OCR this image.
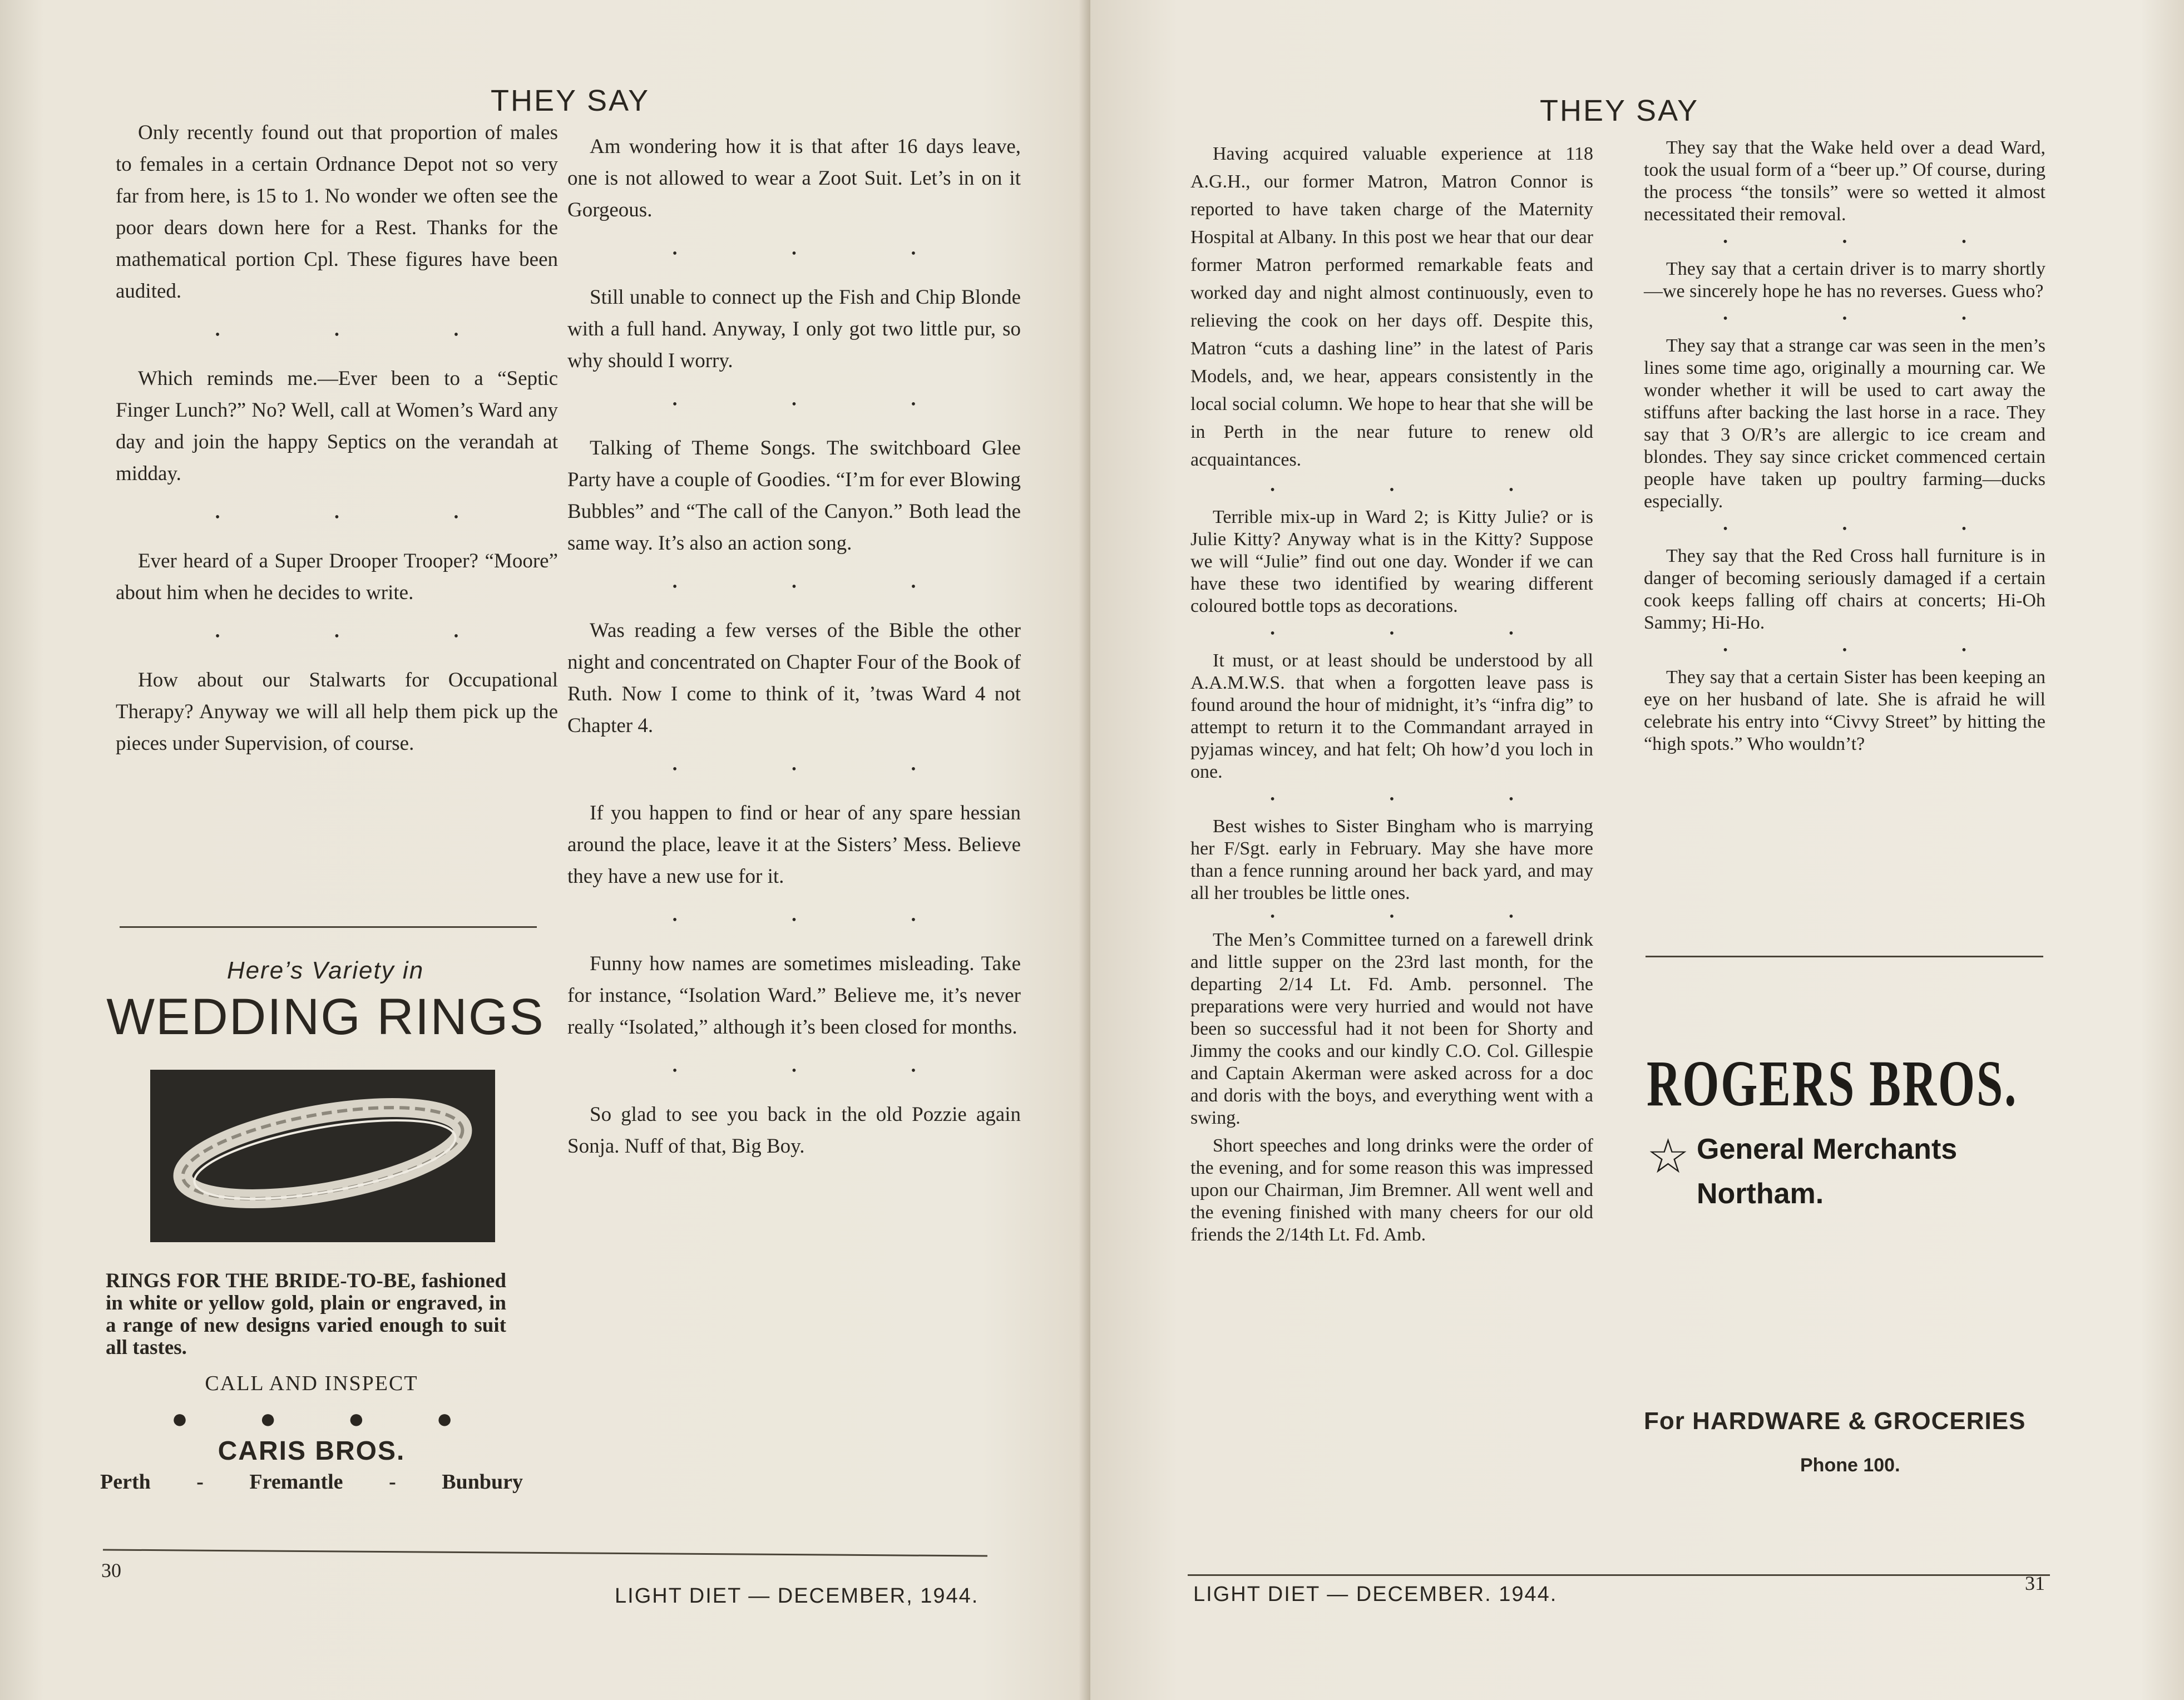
THEY SAY

Only recently found out that proportion of males to females in a certain Ordnance Depot not so very far from here, is 15 to 1. No wonder we often see the poor dears down here for a Rest. Thanks for the mathematical portion Cpl. These figures have been audited.

• • •

Which reminds me.—Ever been to a “Septic Finger Lunch?” No? Well, call at Women’s Ward any day and join the happy Septics on the verandah at midday.

• • •

Ever heard of a Super Drooper Trooper? “Moore” about him when he decides to write.

• • •

How about our Stalwarts for Occupational Therapy? Anyway we will all help them pick up the pieces under Supervision, of course.

Am wondering how it is that after 16 days leave, one is not allowed to wear a Zoot Suit. Let’s in on it Gorgeous.

• • •

Still unable to connect up the Fish and Chip Blonde with a full hand. Anyway, I only got two little pur, so why should I worry.

• • •

Talking of Theme Songs. The switchboard Glee Party have a couple of Goodies. “I’m for ever Blowing Bubbles” and “The call of the Canyon.” Both lead the same way. It’s also an action song.

• • •

Was reading a few verses of the Bible the other night and concentrated on Chapter Four of the Book of Ruth. Now I come to think of it, ’twas Ward 4 not Chapter 4.

• • •

If you happen to find or hear of any spare hessian around the place, leave it at the Sisters’ Mess. Believe they have a new use for it.

• • •

Funny how names are sometimes misleading. Take for instance, “Isolation Ward.” Believe me, it’s never really “Isolated,” although it’s been closed for months.

• • •

So glad to see you back in the old Pozzie again Sonja. Nuff of that, Big Boy.

Here’s Variety in
WEDDING RINGS
RINGS FOR THE BRIDE-TO-BE, fashioned in white or yellow gold, plain or engraved, in a range of new designs varied enough to suit all tastes.
CALL AND INSPECT
● ● ● ●
CARIS BROS.
Perth - Fremantle - Bunbury
30
LIGHT DIET — DECEMBER, 1944.
THEY SAY

Having acquired valuable experience at 118 A.G.H., our former Matron, Matron Connor is reported to have taken charge of the Maternity Hospital at Albany. In this post we hear that our dear former Matron performed remarkable feats and worked day and night almost continuously, even to relieving the cook on her days off. Despite this, Matron “cuts a dashing line” in the latest of Paris Models, and, we hear, appears consistently in the local social column. We hope to hear that she will be in Perth in the near future to renew old acquaintances.

• • •

Terrible mix-up in Ward 2; is Kitty Julie? or is Julie Kitty? Anyway what is in the Kitty? Suppose we will “Julie” find out one day. Wonder if we can have these two identified by wearing different coloured bottle tops as decorations.

• • •

It must, or at least should be understood by all A.A.M.W.S. that when a forgotten leave pass is found around the hour of midnight, it’s “infra dig” to attempt to return it to the Commandant arrayed in pyjamas wincey, and hat felt; Oh how’d you loch in one.

• • •

Best wishes to Sister Bingham who is marrying her F/Sgt. early in February. May she have more than a fence running around her back yard, and may all her troubles be little ones.

• • •

The Men’s Committee turned on a farewell drink and little supper on the 23rd last month, for the departing 2/14 Lt. Fd. Amb. personnel. The preparations were very hurried and would not have been so successful had it not been for Shorty and Jimmy the cooks and our kindly C.O. Col. Gillespie and Captain Akerman were asked across for a doc and doris with the boys, and everything went with a swing.

Short speeches and long drinks were the order of the evening, and for some reason this was impressed upon our Chairman, Jim Bremner. All went well and the evening finished with many cheers for our old friends the 2/14th Lt. Fd. Amb.

They say that the Wake held over a dead Ward, took the usual form of a “beer up.” Of course, during the process “the tonsils” were so wetted it almost necessitated their removal.

• • •

They say that a certain driver is to marry shortly—we sincerely hope he has no reverses. Guess who?

• • •

They say that a strange car was seen in the men’s lines some time ago, originally a mourning car. We wonder whether it will be used to cart away the stiffuns after backing the last horse in a race. They say that 3 O/R’s are allergic to ice cream and blondes. They say since cricket commenced certain people have taken up poultry farming—ducks especially.

• • •

They say that the Red Cross hall furniture is in danger of becoming seriously damaged if a certain cook keeps falling off chairs at concerts; Hi-Oh Sammy; Hi-Ho.

• • •

They say that a certain Sister has been keeping an eye on her husband of late. She is afraid he will celebrate his entry into “Civvy Street” by hitting the “high spots.” Who wouldn’t?

LIGHT DIET — DECEMBER. 1944.	31
ROGERS BROS.
☆ General Merchants
Northam.
For HARDWARE & GROCERIES
Phone 100.
